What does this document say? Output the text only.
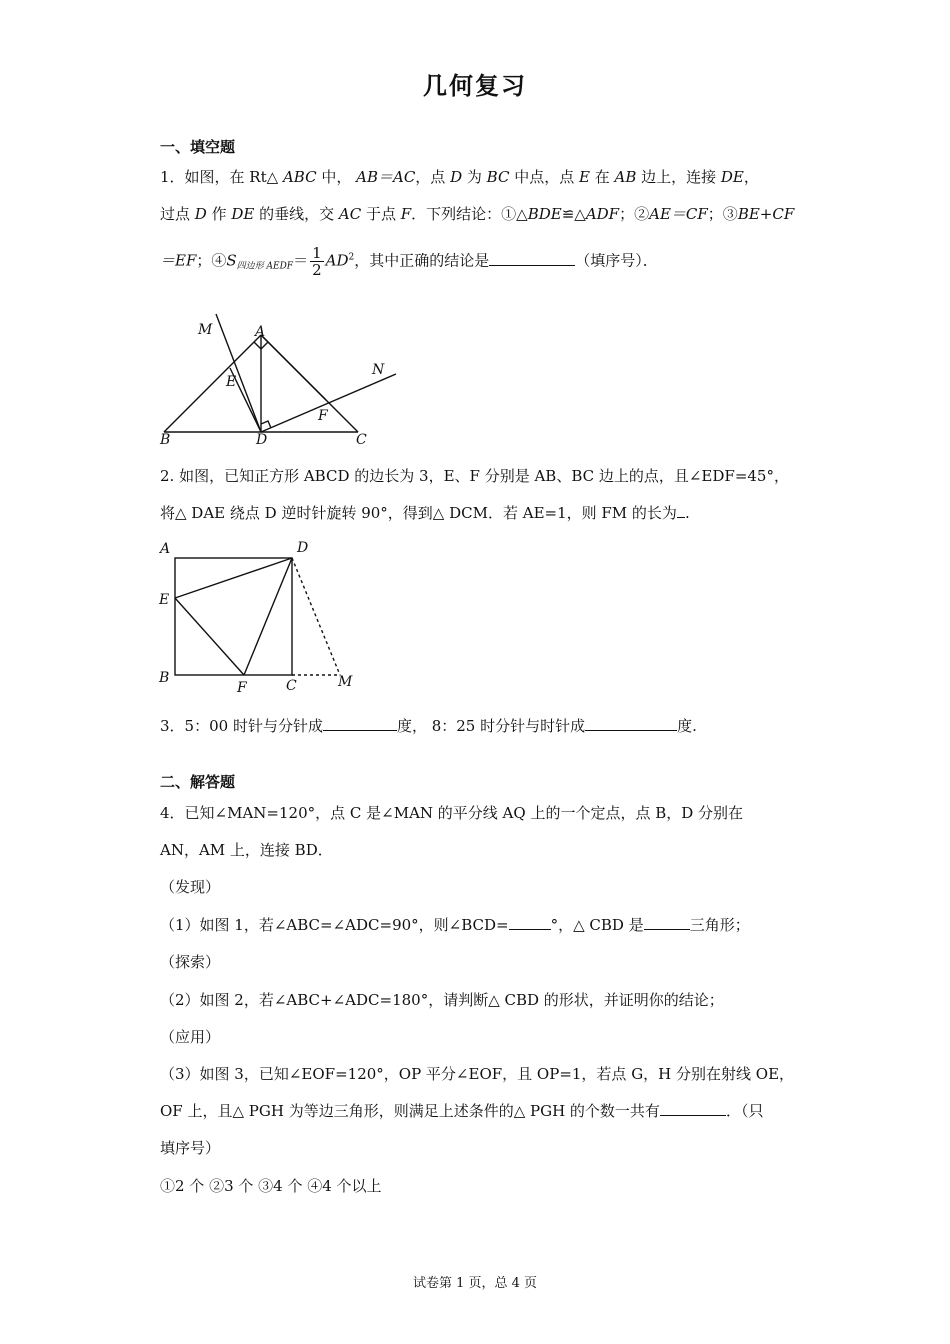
几何复习
一、填空题
1．如图，在 Rt△ ABC 中， AB＝AC，点 D 为 BC 中点，点 E 在 AB 边上，连接 DE，
过点 D 作 DE 的垂线，交 AC 于点 F．下列结论：①△BDE≌△ADF；②AE＝CF；③BE+CF
＝EF；$④S_{四边形 AEDF}= \frac{1}{2} AD^2$，其中正确的结论是	（填序号）．
M	A
E
N
F
B	D	C
2. 如图，已知正方形 ABCD 的边长为 3，E、F 分别是 AB、BC 边上的点，且∠EDF=45°，
将△ DAE 绕点 D 逆时针旋转 90°，得到△ DCM．若 AE=1，则 FM 的长为 .
A	D
E
B
F	C	M
3．5：00 时针与分针成	度， 8：25 时分针与时针成	度.
二、解答题
4．已知∠MAN=120°，点 C 是∠MAN 的平分线 AQ 上的一个定点，点 B，D 分别在
AN，AM 上，连接 BD．
（发现）
（1）如图 1，若∠ABC=∠ADC=90°，则∠BCD=	°，△ CBD 是	三角形；
（探索）
（2）如图 2，若∠ABC+∠ADC=180°，请判断△ CBD 的形状，并证明你的结论；
（应用）
（3）如图 3，已知∠EOF=120°，OP 平分∠EOF，且 OP=1，若点 G，H 分别在射线 OE，
OF 上，且△ PGH 为等边三角形，则满足上述条件的△ PGH 的个数一共有	．（只
填序号）
①2 个 ②3 个 ③4 个 ④4 个以上
试卷第 1 页，总 4 页
